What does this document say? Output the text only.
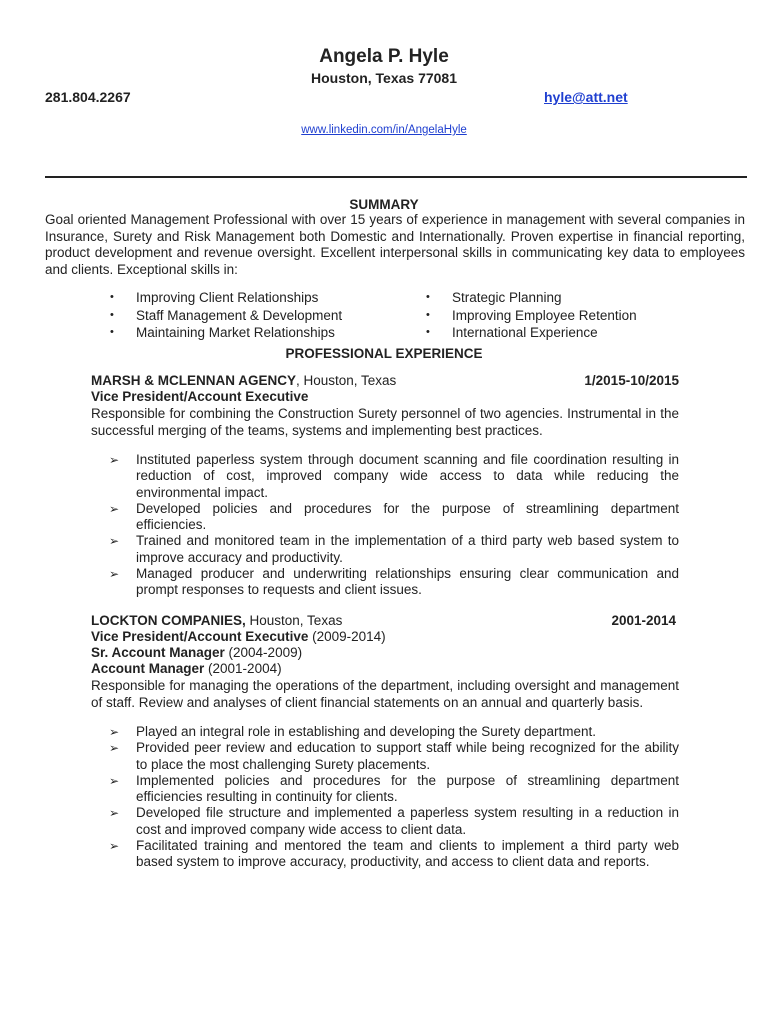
Angela P. Hyle
Houston, Texas 77081
281.804.2267	hyle@att.net
www.linkedin.com/in/AngelaHyle
SUMMARY
Goal oriented Management Professional with over 15 years of experience in management with several companies in Insurance, Surety and Risk Management both Domestic and Internationally. Proven expertise in financial reporting, product development and revenue oversight. Excellent interpersonal skills in communicating key data to employees and clients. Exceptional skills in:
•	Improving Client Relationships
•	Staff Management & Development
•	Maintaining Market Relationships
•	Strategic Planning
•	Improving Employee Retention
•	International Experience
PROFESSIONAL EXPERIENCE
MARSH & MCLENNAN AGENCY, Houston, Texas	1/2015-10/2015
Vice President/Account Executive
Responsible for combining the Construction Surety personnel of two agencies. Instrumental in the successful merging of the teams, systems and implementing best practices.
➢ Instituted paperless system through document scanning and file coordination resulting in reduction of cost, improved company wide access to data while reducing the environmental impact.
➢ Developed policies and procedures for the purpose of streamlining department efficiencies.
➢ Trained and monitored team in the implementation of a third party web based system to improve accuracy and productivity.
➢ Managed producer and underwriting relationships ensuring clear communication and prompt responses to requests and client issues.
LOCKTON COMPANIES, Houston, Texas	2001-2014
Vice President/Account Executive (2009-2014)
Sr. Account Manager (2004-2009)
Account Manager (2001-2004)
Responsible for managing the operations of the department, including oversight and management of staff. Review and analyses of client financial statements on an annual and quarterly basis.
➢ Played an integral role in establishing and developing the Surety department.
➢ Provided peer review and education to support staff while being recognized for the ability to place the most challenging Surety placements.
➢ Implemented policies and procedures for the purpose of streamlining department efficiencies resulting in continuity for clients.
➢ Developed file structure and implemented a paperless system resulting in a reduction in cost and improved company wide access to client data.
➢ Facilitated training and mentored the team and clients to implement a third party web based system to improve accuracy, productivity, and access to client data and reports.
